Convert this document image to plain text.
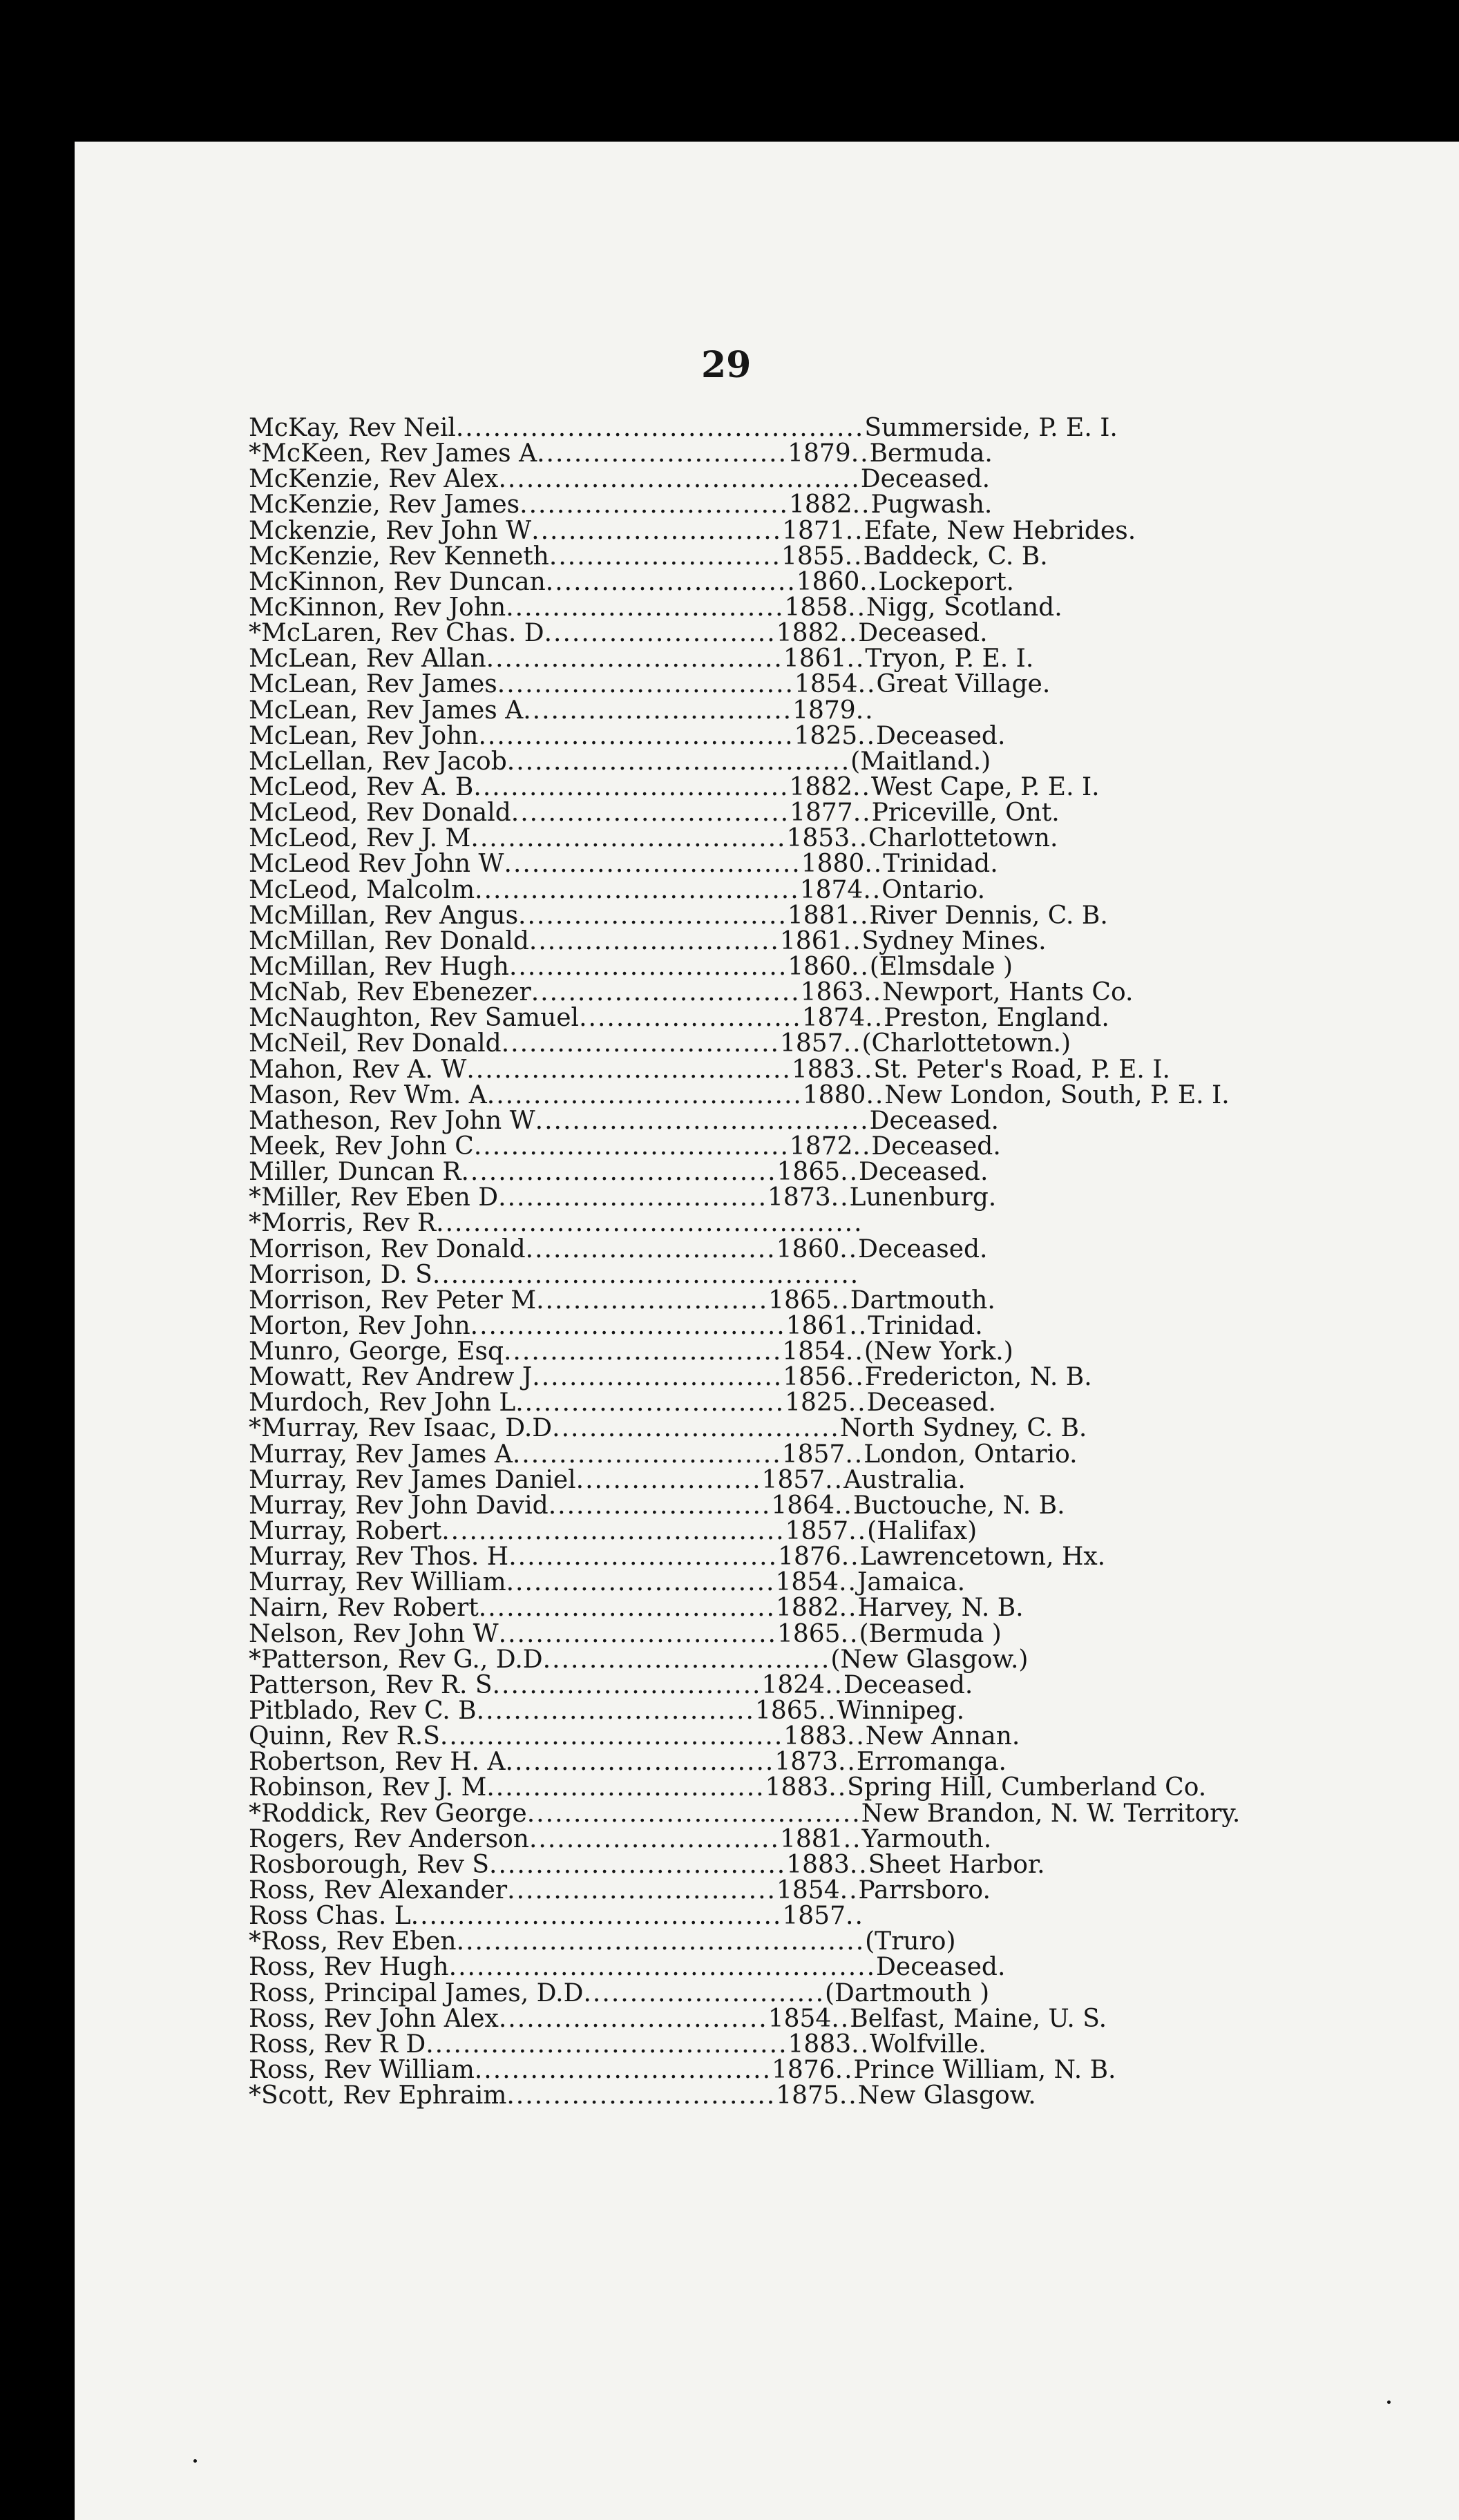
29
McKay, Rev Neil............................................Summerside, P. E. I.
*McKeen, Rev James A...........................1879..Bermuda.
McKenzie, Rev Alex.......................................Deceased.
McKenzie, Rev James.............................1882..Pugwash.
Mckenzie, Rev John W...........................1871..Efate, New Hebrides.
McKenzie, Rev Kenneth.........................1855..Baddeck, C. B.
McKinnon, Rev Duncan...........................1860..Lockeport.
McKinnon, Rev John..............................1858..Nigg, Scotland.
*McLaren, Rev Chas. D.........................1882..Deceased.
McLean, Rev Allan................................1861..Tryon, P. E. I.
McLean, Rev James................................1854..Great Village.
McLean, Rev James A.............................1879..
McLean, Rev John..................................1825..Deceased.
McLellan, Rev Jacob.....................................(Maitland.)
McLeod, Rev A. B..................................1882..West Cape, P. E. I.
McLeod, Rev Donald..............................1877..Priceville, Ont.
McLeod, Rev J. M..................................1853..Charlottetown.
McLeod Rev John W................................1880..Trinidad.
McLeod, Malcolm...................................1874..Ontario.
McMillan, Rev Angus.............................1881..River Dennis, C. B.
McMillan, Rev Donald...........................1861..Sydney Mines.
McMillan, Rev Hugh..............................1860..(Elmsdale )
McNab, Rev Ebenezer.............................1863..Newport, Hants Co.
McNaughton, Rev Samuel........................1874..Preston, England.
McNeil, Rev Donald..............................1857..(Charlottetown.)
Mahon, Rev A. W...................................1883..St. Peter's Road, P. E. I.
Mason, Rev Wm. A..................................1880..New London, South, P. E. I.
Matheson, Rev John W....................................Deceased.
Meek, Rev John C..................................1872..Deceased.
Miller, Duncan R..................................1865..Deceased.
*Miller, Rev Eben D.............................1873..Lunenburg.
*Morris, Rev R..............................................
Morrison, Rev Donald...........................1860..Deceased.
Morrison, D. S..............................................
Morrison, Rev Peter M.........................1865..Dartmouth.
Morton, Rev John..................................1861..Trinidad.
Munro, George, Esq..............................1854..(New York.)
Mowatt, Rev Andrew J...........................1856..Fredericton, N. B.
Murdoch, Rev John L.............................1825..Deceased.
*Murray, Rev Isaac, D.D...............................North Sydney, C. B.
Murray, Rev James A.............................1857..London, Ontario.
Murray, Rev James Daniel....................1857..Australia.
Murray, Rev John David........................1864..Buctouche, N. B.
Murray, Robert.....................................1857..(Halifax)
Murray, Rev Thos. H.............................1876..Lawrencetown, Hx.
Murray, Rev William.............................1854..Jamaica.
Nairn, Rev Robert................................1882..Harvey, N. B.
Nelson, Rev John W..............................1865..(Bermuda )
*Patterson, Rev G., D.D...............................(New Glasgow.)
Patterson, Rev R. S.............................1824..Deceased.
Pitblado, Rev C. B..............................1865..Winnipeg.
Quinn, Rev R.S.....................................1883..New Annan.
Robertson, Rev H. A.............................1873..Erromanga.
Robinson, Rev J. M..............................1883..Spring Hill, Cumberland Co.
*Roddick, Rev George....................................New Brandon, N. W. Territory.
Rogers, Rev Anderson...........................1881..Yarmouth.
Rosborough, Rev S................................1883..Sheet Harbor.
Ross, Rev Alexander.............................1854..Parrsboro.
Ross Chas. L........................................1857..
*Ross, Rev Eben............................................(Truro)
Ross, Rev Hugh..............................................Deceased.
Ross, Principal James, D.D..........................(Dartmouth )
Ross, Rev John Alex.............................1854..Belfast, Maine, U. S.
Ross, Rev R D.......................................1883..Wolfville.
Ross, Rev William................................1876..Prince William, N. B.
*Scott, Rev Ephraim.............................1875..New Glasgow.
